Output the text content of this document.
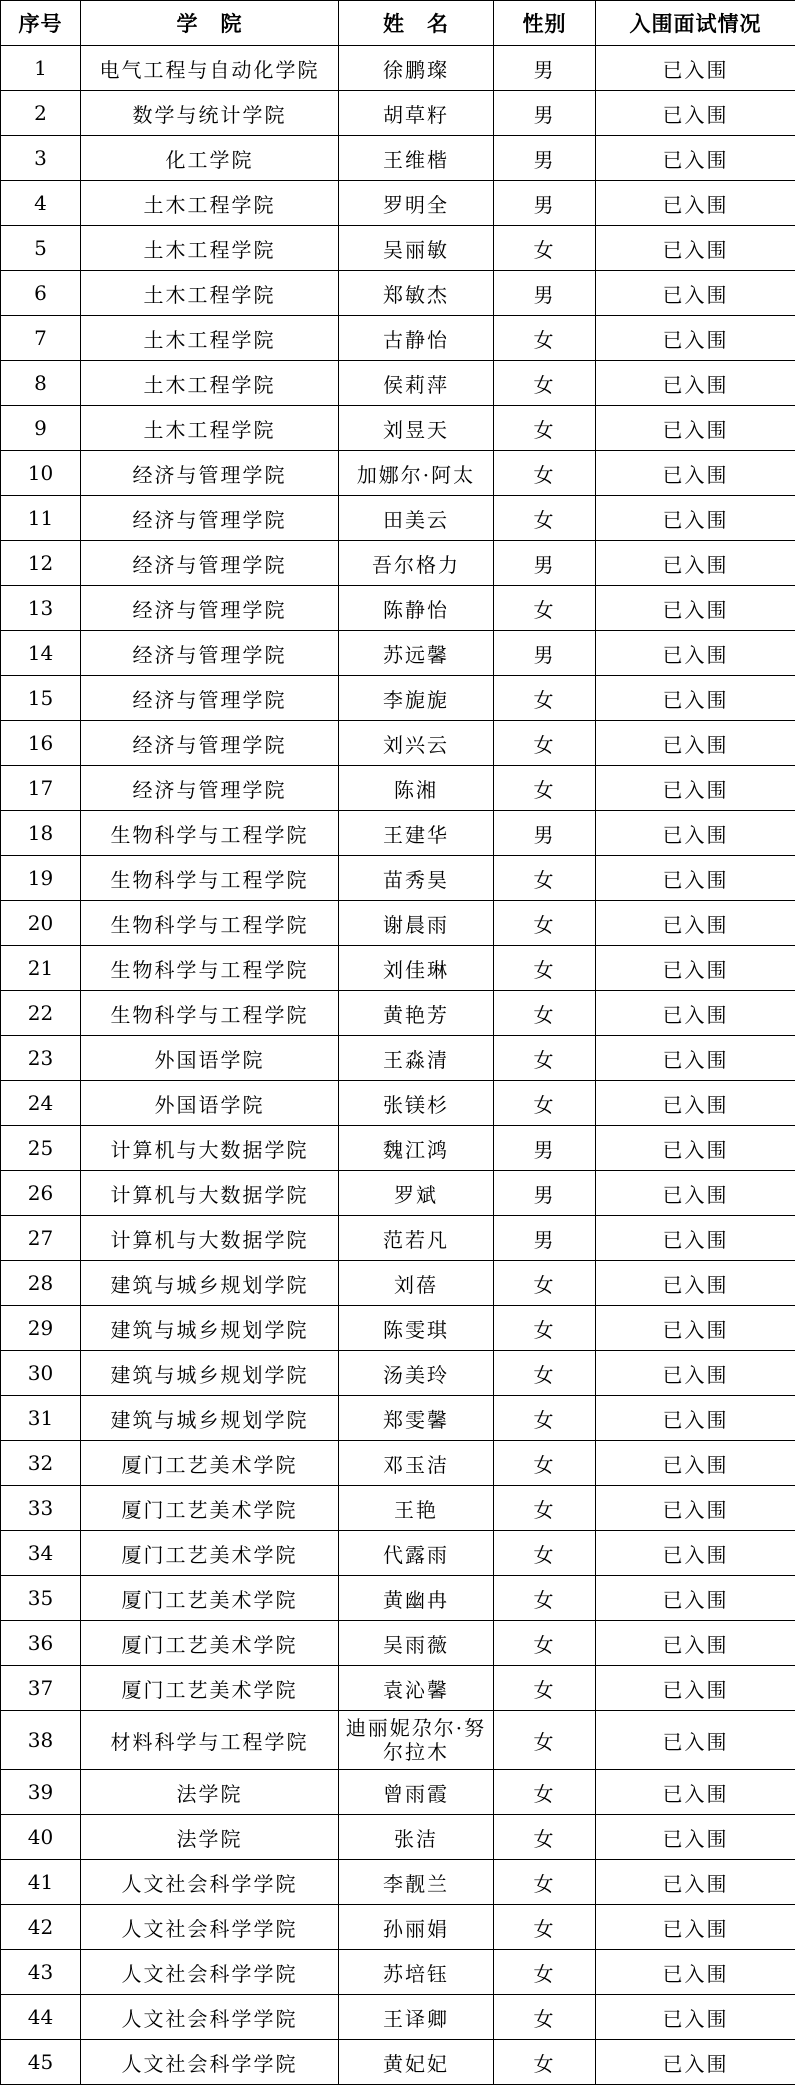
序号	学　院	姓　名	性别	入围面试情况
1	电气工程与自动化学院	徐鹏璨	男	已入围
2	数学与统计学院	胡草籽	男	已入围
3	化工学院	王维楷	男	已入围
4	土木工程学院	罗明全	男	已入围
5	土木工程学院	吴丽敏	女	已入围
6	土木工程学院	郑敏杰	男	已入围
7	土木工程学院	古静怡	女	已入围
8	土木工程学院	侯莉萍	女	已入围
9	土木工程学院	刘昱天	女	已入围
10	经济与管理学院	加娜尔·阿太	女	已入围
11	经济与管理学院	田美云	女	已入围
12	经济与管理学院	吾尔格力	男	已入围
13	经济与管理学院	陈静怡	女	已入围
14	经济与管理学院	苏远馨	男	已入围
15	经济与管理学院	李旎旎	女	已入围
16	经济与管理学院	刘兴云	女	已入围
17	经济与管理学院	陈湘	女	已入围
18	生物科学与工程学院	王建华	男	已入围
19	生物科学与工程学院	苗秀昊	女	已入围
20	生物科学与工程学院	谢晨雨	女	已入围
21	生物科学与工程学院	刘佳琳	女	已入围
22	生物科学与工程学院	黄艳芳	女	已入围
23	外国语学院	王淼清	女	已入围
24	外国语学院	张镁杉	女	已入围
25	计算机与大数据学院	魏江鸿	男	已入围
26	计算机与大数据学院	罗斌	男	已入围
27	计算机与大数据学院	范若凡	男	已入围
28	建筑与城乡规划学院	刘蓓	女	已入围
29	建筑与城乡规划学院	陈雯琪	女	已入围
30	建筑与城乡规划学院	汤美玲	女	已入围
31	建筑与城乡规划学院	郑雯馨	女	已入围
32	厦门工艺美术学院	邓玉洁	女	已入围
33	厦门工艺美术学院	王艳	女	已入围
34	厦门工艺美术学院	代露雨	女	已入围
35	厦门工艺美术学院	黄幽冉	女	已入围
36	厦门工艺美术学院	吴雨薇	女	已入围
37	厦门工艺美术学院	袁沁馨	女	已入围
38	材料科学与工程学院	迪丽妮尕尔·努尔拉木	女	已入围
39	法学院	曾雨霞	女	已入围
40	法学院	张洁	女	已入围
41	人文社会科学学院	李靓兰	女	已入围
42	人文社会科学学院	孙丽娟	女	已入围
43	人文社会科学学院	苏培钰	女	已入围
44	人文社会科学学院	王译卿	女	已入围
45	人文社会科学学院	黄妃妃	女	已入围
